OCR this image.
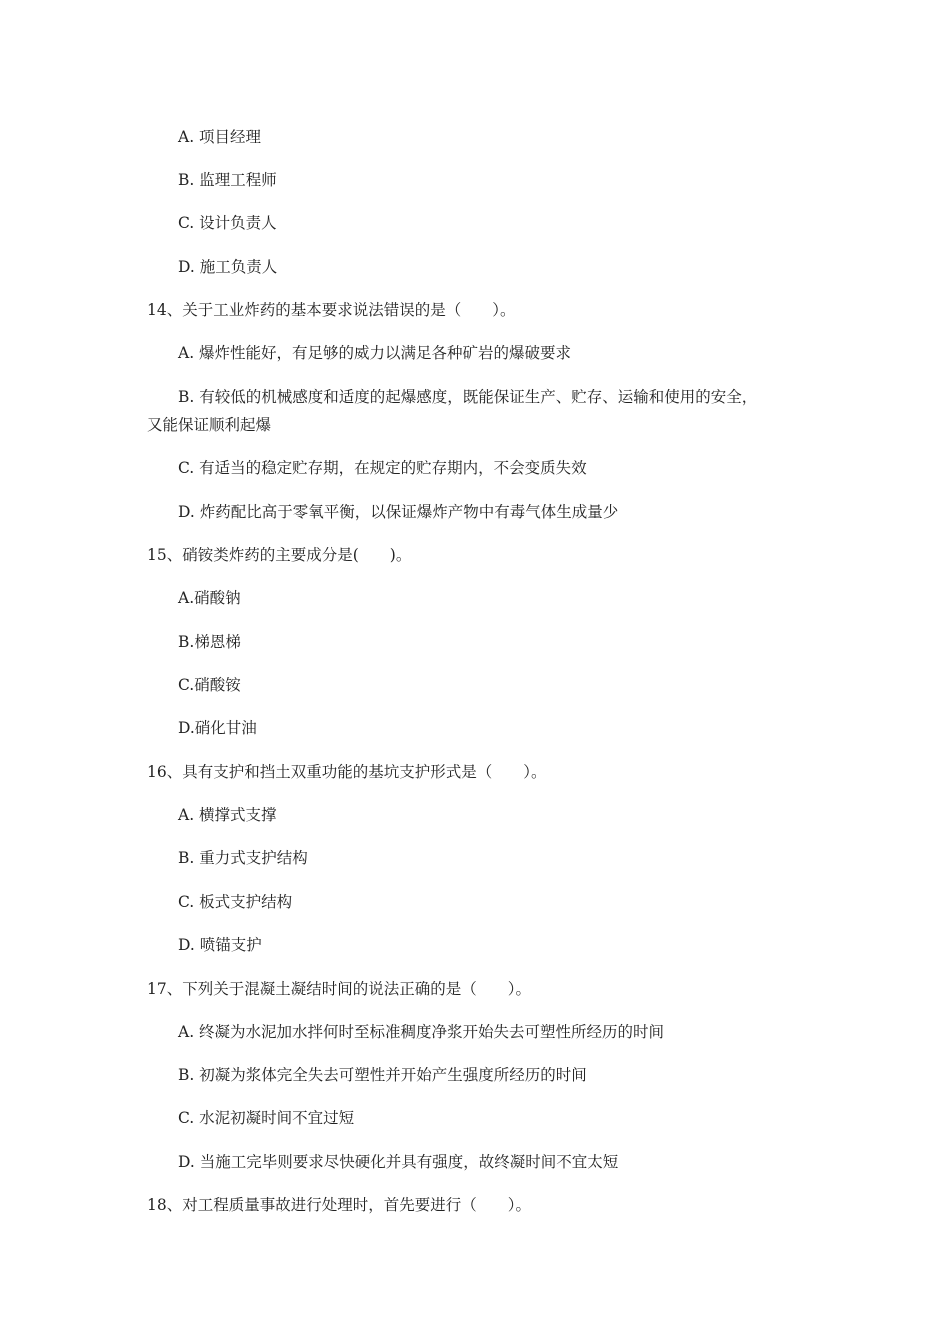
A. 项目经理
B. 监理工程师
C. 设计负责人
D. 施工负责人
14、关于工业炸药的基本要求说法错误的是（　　）。
A. 爆炸性能好，有足够的威力以满足各种矿岩的爆破要求
B. 有较低的机械感度和适度的起爆感度，既能保证生产、贮存、运输和使用的安全，
又能保证顺利起爆
C. 有适当的稳定贮存期，在规定的贮存期内，不会变质失效
D. 炸药配比高于零氧平衡，以保证爆炸产物中有毒气体生成量少
15、硝铵类炸药的主要成分是(　　)。
A.硝酸钠
B.梯恩梯
C.硝酸铵
D.硝化甘油
16、具有支护和挡土双重功能的基坑支护形式是（　　）。
A. 横撑式支撑
B. 重力式支护结构
C. 板式支护结构
D. 喷锚支护
17、下列关于混凝土凝结时间的说法正确的是（　　）。
A. 终凝为水泥加水拌何时至标准稠度净浆开始失去可塑性所经历的时间
B. 初凝为浆体完全失去可塑性并开始产生强度所经历的时间
C. 水泥初凝时间不宜过短
D. 当施工完毕则要求尽快硬化并具有强度，故终凝时间不宜太短
18、对工程质量事故进行处理时，首先要进行（　　）。
